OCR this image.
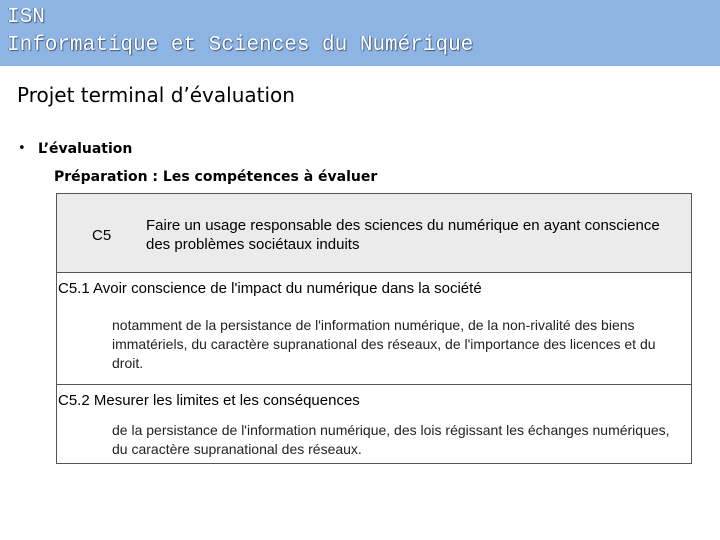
ISN
Informatique et Sciences du Numérique
Projet terminal d’évaluation
• L’évaluation
Préparation : Les compétences à évaluer
C5
Faire un usage responsable des sciences du numérique en ayant conscience des problèmes sociétaux induits
C5.1 Avoir conscience de l'impact du numérique dans la société
notamment de la persistance de l'information numérique, de la non-rivalité des biens immatériels, du caractère supranational des réseaux, de l'importance des licences et du droit.
C5.2 Mesurer les limites et les conséquences
de la persistance de l'information numérique, des lois régissant les échanges numériques, du caractère supranational des réseaux.
